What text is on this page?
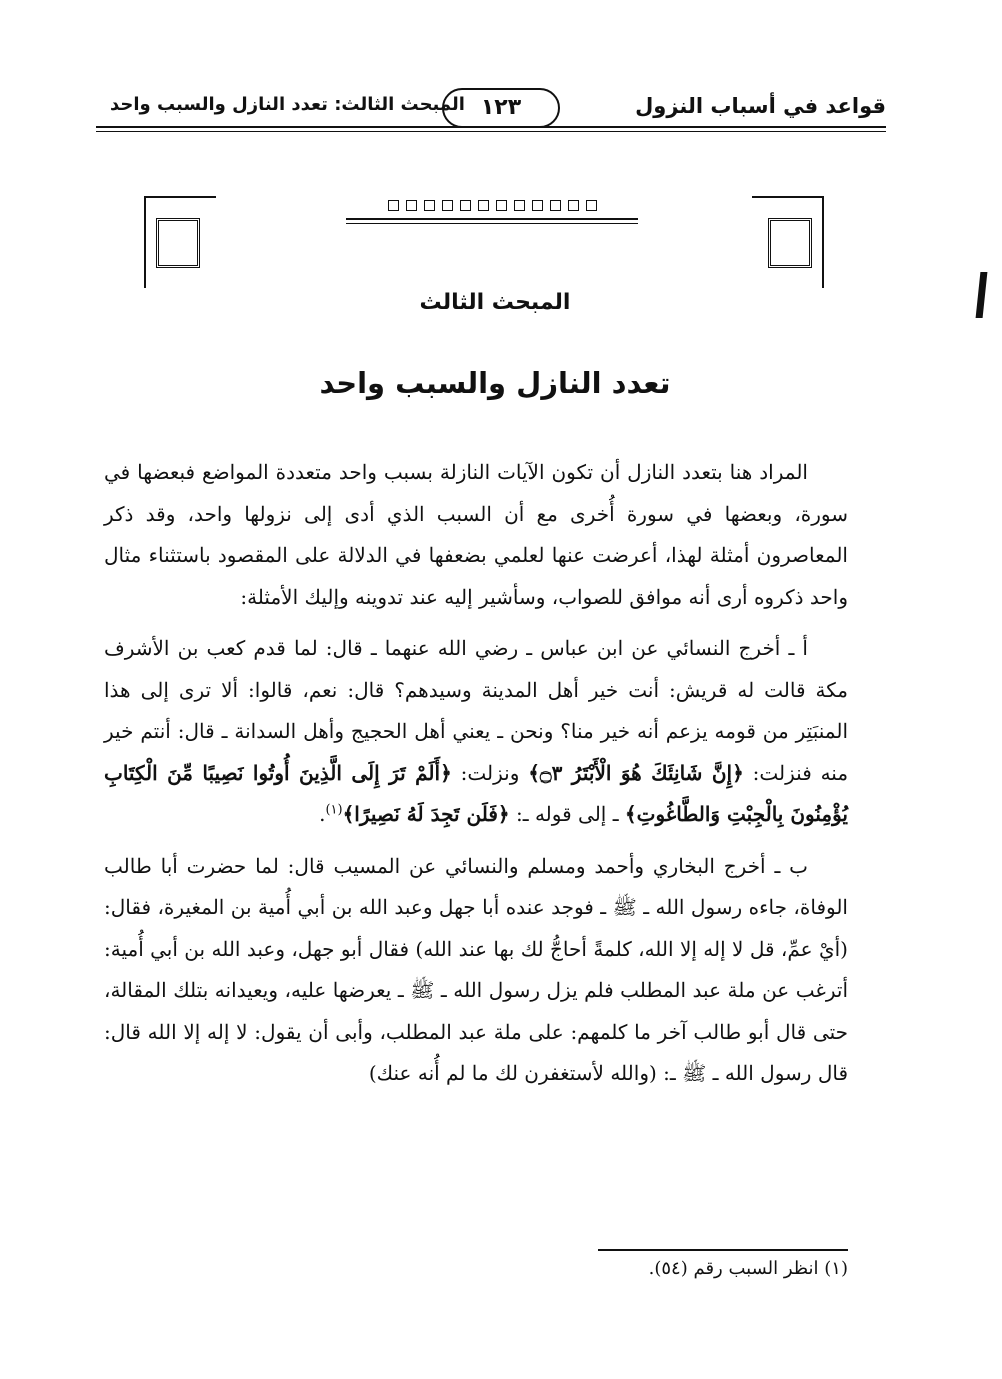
قواعد في أسباب النزول
١٢٣
المبحث الثالث: تعدد النازل والسبب واحد
المبحث الثالث
تعدد النازل والسبب واحد

المراد هنا بتعدد النازل أن تكون الآيات النازلة بسبب واحد متعددة المواضع فبعضها في سورة، وبعضها في سورة أُخرى مع أن السبب الذي أدى إلى نزولها واحد، وقد ذكر المعاصرون أمثلة لهذا، أعرضت عنها لعلمي بضعفها في الدلالة على المقصود باستثناء مثال واحد ذكروه أرى أنه موافق للصواب، وسأشير إليه عند تدوينه وإليك الأمثلة:

أ ـ أخرج النسائي عن ابن عباس ـ رضي الله عنهما ـ قال: لما قدم كعب بن الأشرف مكة قالت له قريش: أنت خير أهل المدينة وسيدهم؟ قال: نعم، قالوا: ألا ترى إلى هذا المنبَتِر من قومه يزعم أنه خير منا؟ ونحن ـ يعني أهل الحجيج وأهل السدانة ـ قال: أنتم خير منه فنزلت: ﴿إِنَّ شَانِئَكَ هُوَ الْأَبْتَرُ ۝٣﴾ ونزلت: ﴿أَلَمْ تَرَ إِلَى الَّذِينَ أُوتُوا نَصِيبًا مِّنَ الْكِتَابِ يُؤْمِنُونَ بِالْجِبْتِ وَالطَّاغُوتِ﴾ ـ إلى قوله ـ: ﴿فَلَن تَجِدَ لَهُ نَصِيرًا﴾$^{(١)}$.

ب ـ أخرج البخاري وأحمد ومسلم والنسائي عن المسيب قال: لما حضرت أبا طالب الوفاة، جاءه رسول الله ـ ﷺ ـ فوجد عنده أبا جهل وعبد الله بن أبي أُمية بن المغيرة، فقال: (أيْ عمِّ، قل لا إله إلا الله، كلمةً أحاجُّ لك بها عند الله) فقال أبو جهل، وعبد الله بن أبي أُمية: أترغب عن ملة عبد المطلب فلم يزل رسول الله ـ ﷺ ـ يعرضها عليه، ويعيدانه بتلك المقالة، حتى قال أبو طالب آخر ما كلمهم: على ملة عبد المطلب، وأبى أن يقول: لا إله إلا الله قال: قال رسول الله ـ ﷺ ـ: (والله لأستغفرن لك ما لم أُنه عنك)

(١) انظر السبب رقم (٥٤).
